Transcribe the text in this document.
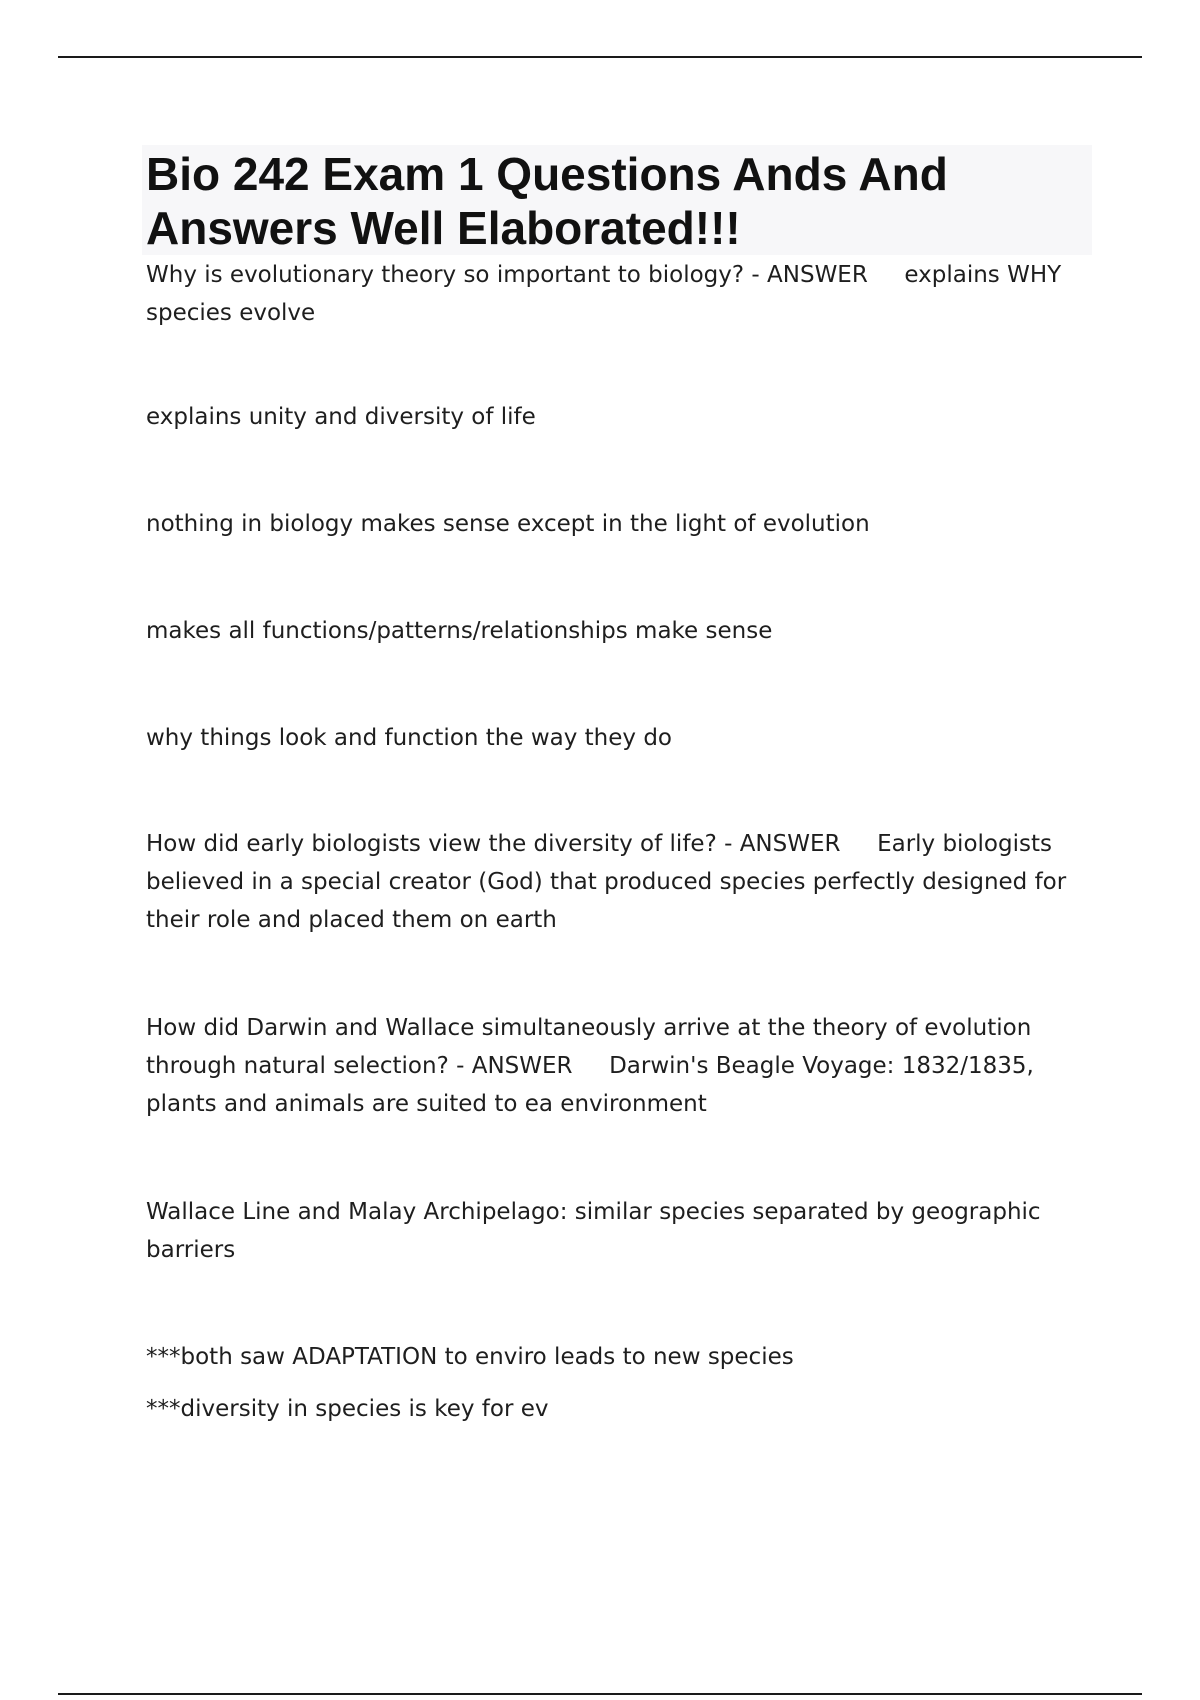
Bio 242 Exam 1 Questions Ands And Answers Well Elaborated!!!

Why is evolutionary theory so important to biology? - ANSWER     explains WHY species evolve

explains unity and diversity of life

nothing in biology makes sense except in the light of evolution

makes all functions/patterns/relationships make sense

why things look and function the way they do

How did early biologists view the diversity of life? - ANSWER     Early biologists believed in a special creator (God) that produced species perfectly designed for their role and placed them on earth

How did Darwin and Wallace simultaneously arrive at the theory of evolution through natural selection? - ANSWER     Darwin's Beagle Voyage: 1832/1835, plants and animals are suited to ea environment

Wallace Line and Malay Archipelago: similar species separated by geographic barriers

***both saw ADAPTATION to enviro leads to new species

***diversity in species is key for ev
